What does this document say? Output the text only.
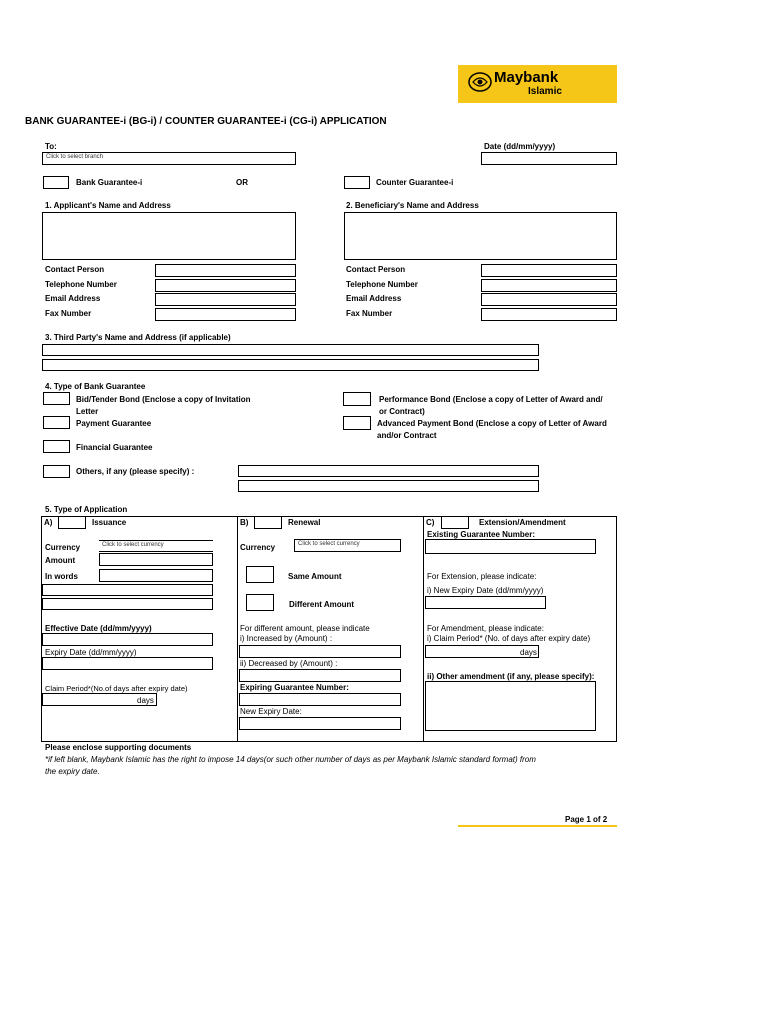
Maybank
Islamic
BANK GUARANTEE-i (BG-i) / COUNTER GUARANTEE-i (CG-i) APPLICATION
To:
Click to select branch
Date (dd/mm/yyyy)
Bank Guarantee-i	OR	Counter Guarantee-i
1. Applicant's Name and Address
Contact Person
Telephone Number
Email Address
Fax Number
2. Beneficiary's Name and Address
Contact Person
Telephone Number
Email Address
Fax Number
3. Third Party's Name and Address (if applicable)
4. Type of Bank Guarantee
Bid/Tender Bond (Enclose a copy of Invitation
Letter
Payment Guarantee
Financial Guarantee
Others, if any (please specify) :
Performance Bond (Enclose a copy of Letter of Award and/
or Contract)
Advanced Payment Bond (Enclose a copy of Letter of Award
and/or Contract
5. Type of Application
A)	Issuance
Currency	Click to select currency
Amount
In words
Effective Date (dd/mm/yyyy)
Expiry Date (dd/mm/yyyy)
Claim Period*(No.of days after expiry date)
days
B)	Renewal
Currency	Click to select currency
Same Amount
Different Amount
For different amount, please indicate
i) Increased by (Amount) :
ii) Decreased by (Amount) :
Expiring Guarantee Number:
New Expiry Date:
C)	Extension/Amendment
Existing Guarantee Number:
For Extension, please indicate:
i) New Expiry Date (dd/mm/yyyy)
For Amendment, please indicate:
i) Claim Period* (No. of days after expiry date)
days
ii) Other amendment (if any, please specify):
Please enclose supporting documents
*if left blank, Maybank Islamic has the right to impose 14 days(or such other number of days as per Maybank Islamic standard format) from
the expiry date.
Page 1 of 2
